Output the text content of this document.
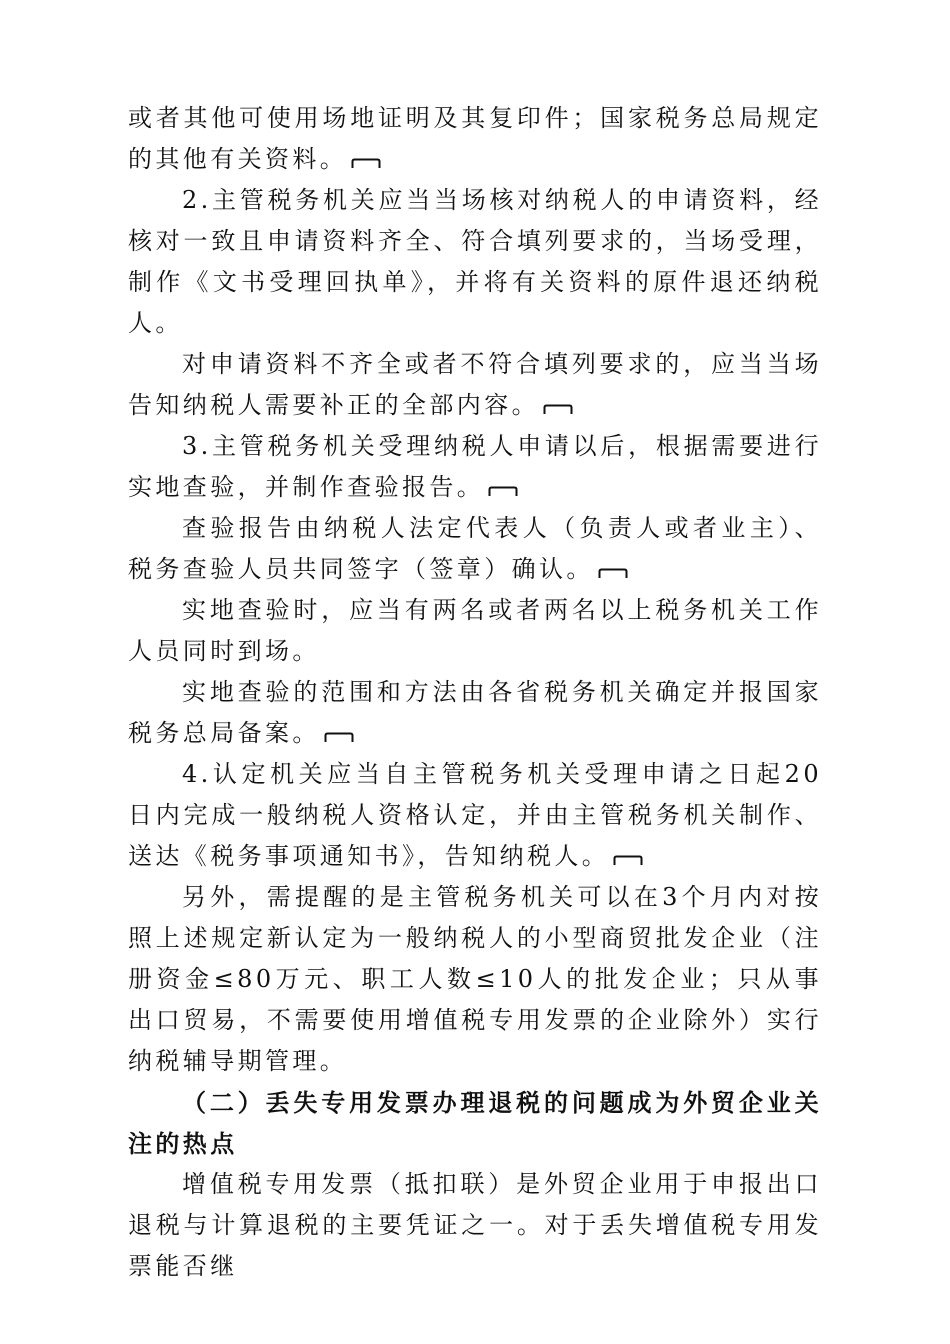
或者其他可使用场地证明及其复印件；国家税务总局规定的其他有关资料。

2.主管税务机关应当当场核对纳税人的申请资料，经核对一致且申请资料齐全、符合填列要求的，当场受理，制作《文书受理回执单》，并将有关资料的原件退还纳税人。

对申请资料不齐全或者不符合填列要求的，应当当场告知纳税人需要补正的全部内容。

3.主管税务机关受理纳税人申请以后，根据需要进行实地查验，并制作查验报告。

查验报告由纳税人法定代表人（负责人或者业主）、税务查验人员共同签字（签章）确认。

实地查验时，应当有两名或者两名以上税务机关工作人员同时到场。

实地查验的范围和方法由各省税务机关确定并报国家税务总局备案。

4.认定机关应当自主管税务机关受理申请之日起20日内完成一般纳税人资格认定，并由主管税务机关制作、送达《税务事项通知书》，告知纳税人。

另外，需提醒的是主管税务机关可以在3个月内对按照上述规定新认定为一般纳税人的小型商贸批发企业（注册资金≤80万元、职工人数≤10人的批发企业；只从事出口贸易，不需要使用增值税专用发票的企业除外）实行纳税辅导期管理。

（二）丢失专用发票办理退税的问题成为外贸企业关注的热点

增值税专用发票（抵扣联）是外贸企业用于申报出口退税与计算退税的主要凭证之一。对于丢失增值税专用发票能否继
